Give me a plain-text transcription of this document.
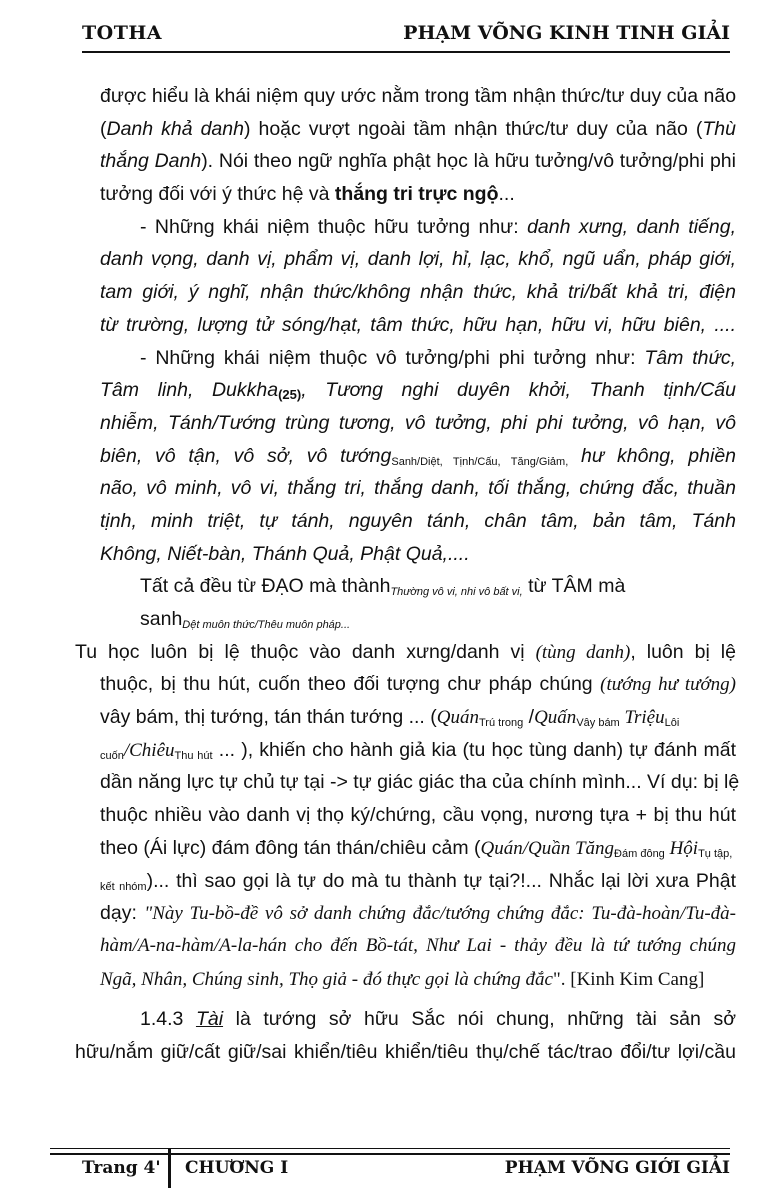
TOTHA	PHẠM VÕNG KINH TINH GIẢI
được hiểu là khái niệm quy ước nằm trong tầm nhận thức/tư duy của não
(Danh khả danh) hoặc vượt ngoài tầm nhận thức/tư duy của não (Thù
thắng Danh). Nói theo ngữ nghĩa phật học là hữu tưởng/vô tưởng/phi phi
tưởng đối với ý thức hệ và thắng tri trực ngộ...
- Những khái niệm thuộc hữu tưởng như: danh xưng, danh tiếng,
danh vọng, danh vị, phẩm vị, danh lợi, hỉ, lạc, khổ, ngũ uẩn, pháp giới,
tam giới, ý nghĩ, nhận thức/không nhận thức, khả tri/bất khả tri, điện
từ trường, lượng tử sóng/hạt, tâm thức, hữu hạn, hữu vi, hữu biên, ....
- Những khái niệm thuộc vô tưởng/phi phi tưởng như: Tâm thức,
Tâm linh, Dukkha(25), Tương nghi duyên khởi, Thanh tịnh/Cấu
nhiễm, Tánh/Tướng trùng tương, vô tưởng, phi phi tưởng, vô hạn, vô
biên, vô tận, vô sở, vô tướng$_{Sanh/Diệt, Tịnh/Cấu, Tăng/Giảm,}$ hư không, phiền
não, vô minh, vô vi, thắng tri, thắng danh, tối thắng, chứng đắc, thuần
tịnh, minh triệt, tự tánh, nguyên tánh, chân tâm, bản tâm, Tánh
Không, Niết-bàn, Thánh Quả, Phật Quả,....
Tất cả đều từ ĐẠO mà thànhThường vô vi, nhi vô bất vi, từ TÂM mà
sanhDệt muôn thức/Thêu muôn pháp...
Tu học luôn bị lệ thuộc vào danh xưng/danh vị (tùng danh), luôn bị lệ
thuộc, bị thu hút, cuốn theo đối tượng chư pháp chúng (tướng hư tướng)
vây bám, thị tướng, tán thán tướng ... (Quán$_{Trú trong}$ /Quấn$_{Vây bám}$ Triệu$_{Lôi}$
$_{cuốn}$/Chiêu$_{Thu hút}$ ... ), khiến cho hành giả kia (tu học tùng danh) tự đánh mất
dần năng lực tự chủ tự tại -> tự giác giác tha của chính mình... Ví dụ: bị lệ
thuộc nhiều vào danh vị thọ ký/chứng, cầu vọng, nương tựa + bị thu hút
theo (Ái lực) đám đông tán thán/chiêu cảm (Quán/Quần Tăng$_{Đám đông}$ Hội$_{Tụ tập,}$
$_{kết nhóm}$)... thì sao gọi là tự do mà tu thành tự tại?!... Nhắc lại lời xưa Phật
dạy: "Này Tu-bồ-đề vô sở danh chứng đắc/tướng chứng đắc: Tu-đà-hoàn/Tu-đà-
hàm/A-na-hàm/A-la-hán cho đến Bồ-tát, Như Lai - thảy đều là tứ tướng chúng
Ngã, Nhân, Chúng sinh, Thọ giả - đó thực gọi là chứng đắc". [Kinh Kim Cang]
1.4.3 Tài là tướng sở hữu Sắc nói chung, những tài sản sở
hữu/nắm giữ/cất giữ/sai khiển/tiêu khiển/tiêu thụ/chế tác/trao đổi/tư lợi/cầu
Trang 4' CHƯƠNG I	PHẠM VÕNG GIỚI GIẢI
